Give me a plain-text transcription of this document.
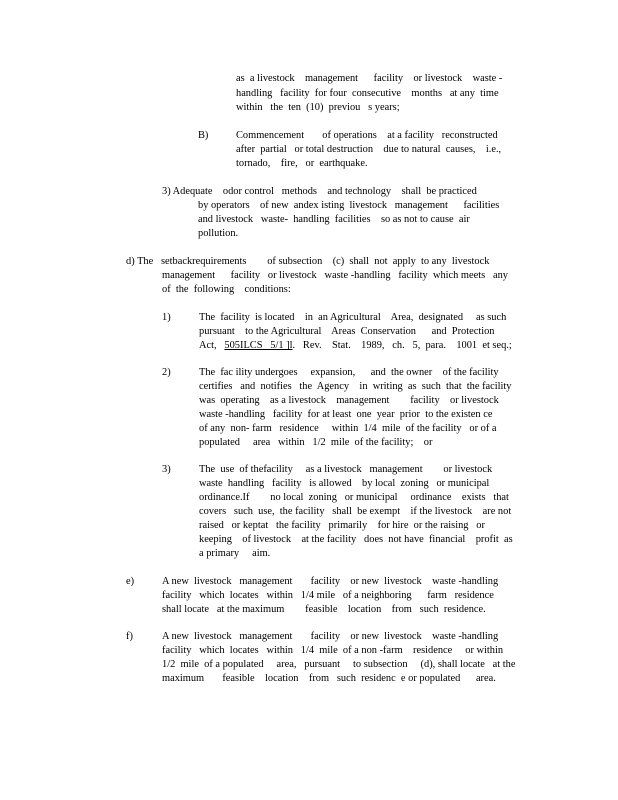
as  a livestock    management      facility    or livestock    waste -
handling   facility  for four  consecutive    months   at any  time
within   the  ten  (10)  previou   s years;
B)	Commencement       of operations    at a facility   reconstructed
after  partial   or total destruction    due to natural  causes,    i.e.,
tornado,    fire,   or  earthquake.
3) Adequate    odor control   methods    and technology    shall  be practiced
by operators    of new  andex isting  livestock   management      facilities
and livestock   waste-  handling  facilities    so as not to cause  air
pollution.
d) The   setbackrequirements        of subsection    (c)  shall  not  apply  to any  livestock
management      facility   or livestock   waste -handling   facility  which meets   any
of  the  following    conditions:
1)	The  facility  is located    in  an Agricultural    Area,  designated     as such
pursuant    to the Agricultural    Areas  Conservation      and  Protection
Act,   505ILCS   5/1 ]l.   Rev.    Stat.    1989,   ch.   5,  para.    1001  et seq.;
2)	The  fac ility undergoes     expansion,      and  the owner    of the facility
certifies   and  notifies   the  Agency    in  writing  as  such  that  the facility
was  operating    as a livestock    management        facility    or livestock
waste -handling   facility  for at least  one  year  prior  to the existen ce
of any  non- farm   residence     within  1/4  mile  of the facility   or of a
populated     area   within   1/2  mile  of the facility;    or
3)	The  use  of thefacility     as a livestock   management        or livestock
waste  handling   facility   is allowed    by local  zoning   or municipal
ordinance.If        no local  zoning   or municipal     ordinance    exists   that
covers   such  use,  the facility   shall  be exempt    if the livestock    are not
raised   or keptat   the facility   primarily    for hire  or the raising   or
keeping    of livestock    at the facility   does  not have  financial    profit  as
a primary     aim.
e)	A new  livestock   management       facility    or new  livestock    waste -handling
facility   which  locates   within   1/4 mile   of a neighboring      farm   residence
shall locate   at the maximum        feasible    location    from   such  residence.
f)	A new  livestock   management       facility    or new  livestock    waste -handling
facility   which  locates   within   1/4  mile  of a non -farm    residence     or within
1/2  mile  of a populated     area,   pursuant     to subsection     (d), shall locate   at the
maximum       feasible    location    from   such  residenc  e or populated      area.
